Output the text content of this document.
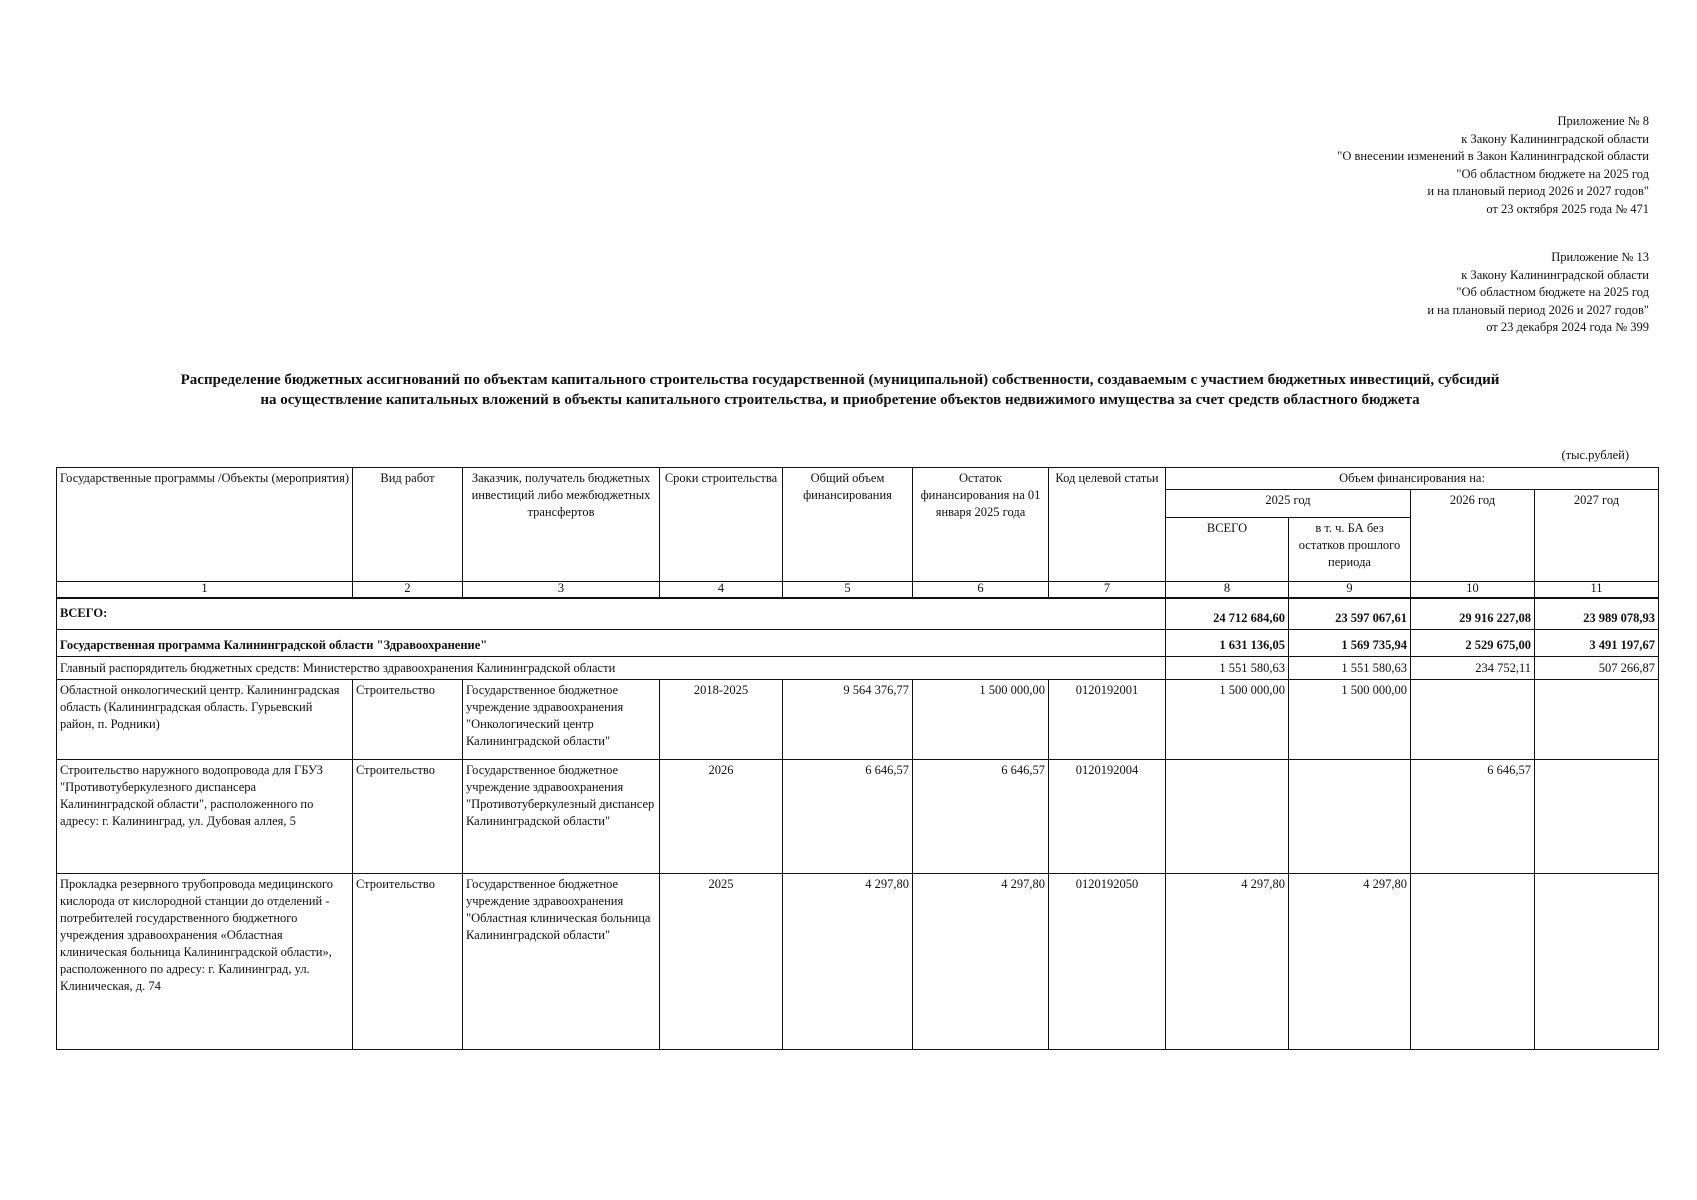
Приложение № 8
к Закону Калининградской области
"О внесении изменений в Закон Калининградской области
"Об областном бюджете на 2025 год
и на плановый период 2026 и 2027 годов"
от 23 октября 2025 года № 471
Приложение № 13
к Закону Калининградской области
"Об областном бюджете на 2025 год
и на плановый период 2026 и 2027 годов"
от 23 декабря 2024 года № 399
Распределение бюджетных ассигнований по объектам капитального строительства государственной (муниципальной) собственности, создаваемым с участием бюджетных инвестиций, субсидий
на осуществление капитальных вложений в объекты капитального строительства, и приобретение объектов недвижимого имущества за счет средств областного бюджета
(тыс.рублей)
Государственные программы /Объекты (мероприятия)	Вид работ	Заказчик, получатель бюджетных инвестиций либо межбюджетных трансфертов	Сроки строительства	Общий объем финансирования	Остаток финансирования на 01 января 2025 года	Код целевой статьи	Объем финансирования на:			
							2025 год		2026 год	2027 год
							ВСЕГО	в т. ч. БА без остатков прошлого периода		
1	2	3	4	5	6	7	8	9	10	11
ВСЕГО:							24 712 684,60	23 597 067,61	29 916 227,08	23 989 078,93
Государственная программа Калининградской области "Здравоохранение"							1 631 136,05	1 569 735,94	2 529 675,00	3 491 197,67
Главный распорядитель бюджетных средств: Министерство здравоохранения Калининградской области							1 551 580,63	1 551 580,63	234 752,11	507 266,87
Областной онкологический центр. Калининградская область (Калининградская область. Гурьевский район, п. Родники)	Строительство	Государственное бюджетное учреждение здравоохранения "Онкологический центр Калининградской области"	2018-2025	9 564 376,77	1 500 000,00	0120192001	1 500 000,00	1 500 000,00		
Строительство наружного водопровода для ГБУЗ "Противотуберкулезного диспансера Калининградской области", расположенного по адресу: г. Калининград, ул. Дубовая аллея, 5	Строительство	Государственное бюджетное учреждение здравоохранения "Противотуберкулезный диспансер Калининградской области"	2026	6 646,57	6 646,57	0120192004			6 646,57	
Прокладка резервного трубопровода медицинского кислорода от кислородной станции до отделений - потребителей государственного бюджетного учреждения здравоохранения «Областная клиническая больница Калининградской области», расположенного по адресу: г. Калининград, ул. Клиническая, д. 74	Строительство	Государственное бюджетное учреждение здравоохранения "Областная клиническая больница Калининградской области"	2025	4 297,80	4 297,80	0120192050	4 297,80	4 297,80		
